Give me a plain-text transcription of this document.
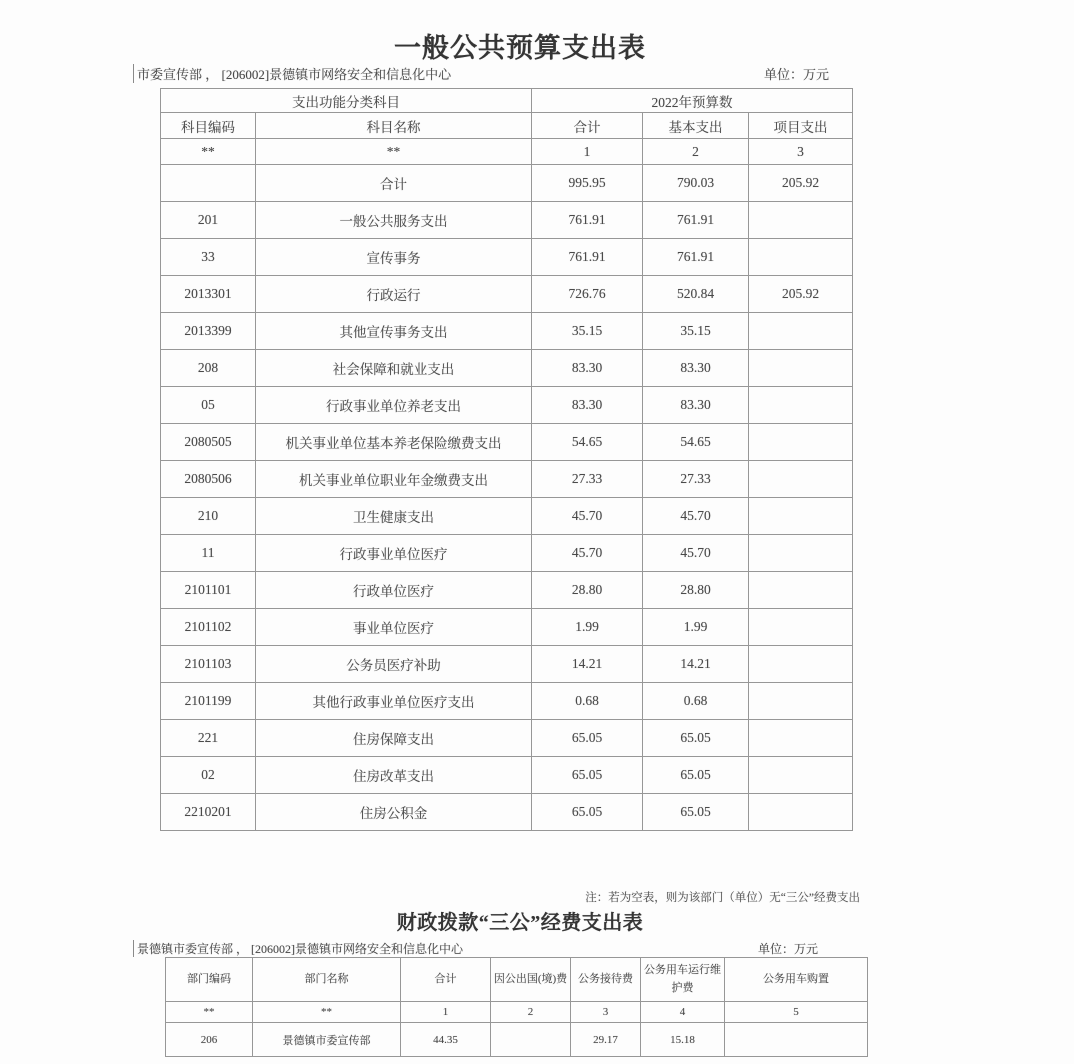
一般公共预算支出表
市委宣传部 ， [206002]景德镇市网络安全和信息化中心	单位：万元
支出功能分类科目		2022年预算数		
科目编码	科目名称	合计	基本支出	项目支出
**	**	1	2	3
	合计	995.95	790.03	205.92
201	一般公共服务支出	761.91	761.91	
33	宣传事务	761.91	761.91	
2013301	行政运行	726.76	520.84	205.92
2013399	其他宣传事务支出	35.15	35.15	
208	社会保障和就业支出	83.30	83.30	
05	行政事业单位养老支出	83.30	83.30	
2080505	机关事业单位基本养老保险缴费支出	54.65	54.65	
2080506	机关事业单位职业年金缴费支出	27.33	27.33	
210	卫生健康支出	45.70	45.70	
11	行政事业单位医疗	45.70	45.70	
2101101	行政单位医疗	28.80	28.80	
2101102	事业单位医疗	1.99	1.99	
2101103	公务员医疗补助	14.21	14.21	
2101199	其他行政事业单位医疗支出	0.68	0.68	
221	住房保障支出	65.05	65.05	
02	住房改革支出	65.05	65.05	
2210201	住房公积金	65.05	65.05	
注：若为空表，则为该部门（单位）无“三公”经费支出
财政拨款“三公”经费支出表
景德镇市委宣传部 ， [206002]景德镇市网络安全和信息化中心	单位：万元
部门编码	部门名称	合计	因公出国(境)费	公务接待费	公务用车运行维护费	公务用车购置
**	**	1	2	3	4	5
206	景德镇市委宣传部	44.35		29.17	15.18	
